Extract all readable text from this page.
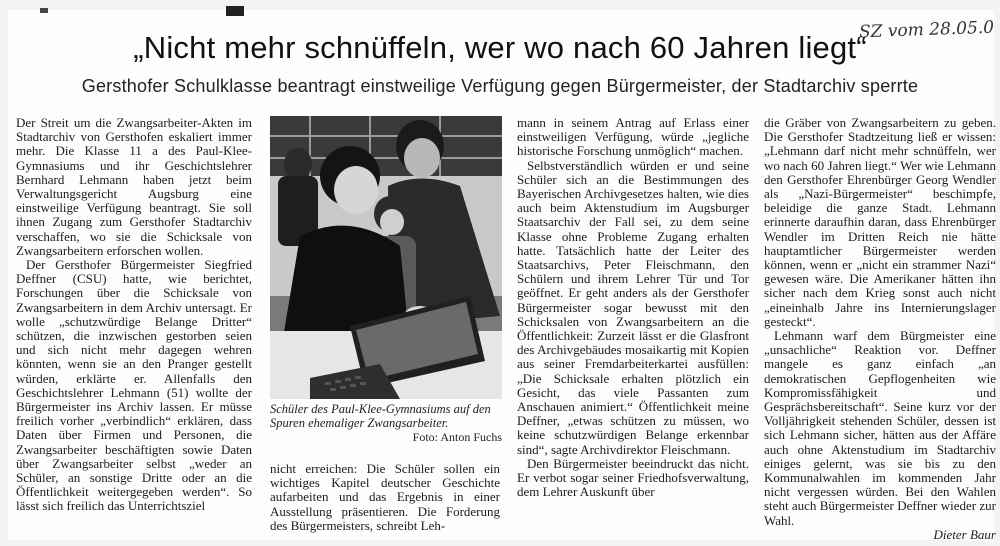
SZ vom 28.05.0
„Nicht mehr schnüffeln, wer wo nach 60 Jahren liegt“
Gersthofer Schulklasse beantragt einstweilige Verfügung gegen Bürgermeister, der Stadtarchiv sperrte

Der Streit um die Zwangsarbeiter-Akten im Stadtarchiv von Gersthofen eskaliert immer mehr. Die Klasse 11 a des Paul-Klee-Gymnasiums und ihr Geschichtslehrer Bernhard Lehmann haben jetzt beim Verwaltungsgericht Augsburg eine einstweilige Verfügung beantragt. Sie soll ihnen Zugang zum Gersthofer Stadtarchiv verschaffen, wo sie die Schicksale von Zwangsarbeitern erforschen wollen.

Der Gersthofer Bürgermeister Siegfried Deffner (CSU) hatte, wie berichtet, Forschungen über die Schicksale von Zwangsarbeitern in dem Archiv untersagt. Er wolle „schutzwürdige Belange Dritter“ schützen, die inzwischen gestorben seien und sich nicht mehr dagegen wehren könnten, wenn sie an den Pranger gestellt würden, erklärte er. Allenfalls den Geschichtslehrer Lehmann (51) wollte der Bürgermeister ins Archiv lassen. Er müsse freilich vorher „verbindlich“ erklären, dass Daten über Firmen und Personen, die Zwangsarbeiter beschäftigten sowie Daten über Zwangsarbeiter selbst „weder an Schüler, an sonstige Dritte oder an die Öffentlichkeit weitergegeben werden“. So lässt sich freilich das Unterrichtsziel

Schüler des Paul-Klee-Gymnasiums auf den Spuren ehemaliger Zwangsarbeiter.
Foto: Anton Fuchs

nicht erreichen: Die Schüler sollen ein wichtiges Kapitel deutscher Geschichte aufarbeiten und das Ergebnis in einer Ausstellung präsentieren. Die Forderung des Bürgermeisters, schreibt Leh-

mann in seinem Antrag auf Erlass einer einstweiligen Verfügung, würde „jegliche historische Forschung unmöglich“ machen.

Selbstverständlich würden er und seine Schüler sich an die Bestimmungen des Bayerischen Archivgesetzes halten, wie dies auch beim Aktenstudium im Augsburger Staatsarchiv der Fall sei, zu dem seine Klasse ohne Probleme Zugang erhalten hatte. Tatsächlich hatte der Leiter des Staatsarchivs, Peter Fleischmann, den Schülern und ihrem Lehrer Tür und Tor geöffnet. Er geht anders als der Gersthofer Bürgermeister sogar bewusst mit den Schicksalen von Zwangsarbeitern an die Öffentlichkeit: Zurzeit lässt er die Glasfront des Archivgebäudes mosaikartig mit Kopien aus seiner Fremdarbeiterkartei ausfüllen: „Die Schicksale erhalten plötzlich ein Gesicht, das viele Passanten zum Anschauen animiert.“ Öffentlichkeit meine Deffner, „etwas schützen zu müssen, wo keine schutzwürdigen Belange erkennbar sind“, sagte Archivdirektor Fleischmann.

Den Bürgermeister beeindruckt das nicht. Er verbot sogar seiner Friedhofsverwaltung, dem Lehrer Auskunft über

die Gräber von Zwangsarbeitern zu geben. Die Gersthofer Stadtzeitung ließ er wissen: „Lehmann darf nicht mehr schnüffeln, wer wo nach 60 Jahren liegt.“ Wer wie Lehmann den Gersthofer Ehrenbürger Georg Wendler als „Nazi-Bürgermeister“ beschimpfe, beleidige die ganze Stadt. Lehmann erinnerte daraufhin daran, dass Ehrenbürger Wendler im Dritten Reich nie hätte hauptamtlicher Bürgermeister werden können, wenn er „nicht ein strammer Nazi“ gewesen wäre. Die Amerikaner hätten ihn sicher nach dem Krieg sonst auch nicht „eineinhalb Jahre ins Internierungslager gesteckt“.

Lehmann warf dem Bürgmeister eine „unsachliche“ Reaktion vor. Deffner mangele es ganz einfach „an demokratischen Gepflogenheiten wie Kompromissfähigkeit und Gesprächsbereitschaft“. Seine kurz vor der Volljährigkeit stehenden Schüler, dessen ist sich Lehmann sicher, hätten aus der Affäre auch ohne Aktenstudium im Stadtarchiv einiges gelernt, was sie bis zu den Kommunalwahlen im kommenden Jahr nicht vergessen würden. Bei den Wahlen steht auch Bürgermeister Deffner wieder zur Wahl.

Dieter Baur
